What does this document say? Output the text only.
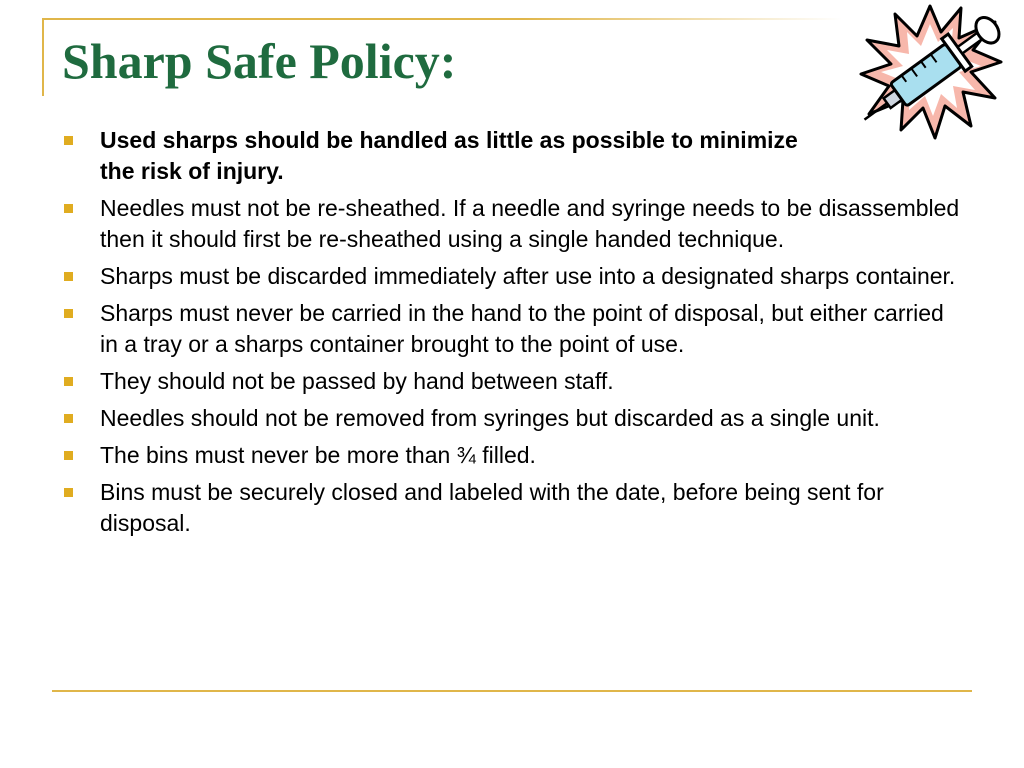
Sharp Safe Policy:
Used sharps should be handled as little as possible to minimize the risk of injury.
Needles must not be re-sheathed. If a needle and syringe needs to be disassembled then it should first be re-sheathed using a single handed technique.
Sharps must be discarded immediately after use into a designated sharps container.
Sharps must never be carried in the hand to the point of disposal, but either carried in a tray or a sharps container brought to the point of use.
They should not be passed by hand between staff.
Needles should not be removed from syringes but discarded as a single unit.
The bins must never be more than ¾ filled.
Bins must be securely closed and labeled with the date, before being sent for disposal.
